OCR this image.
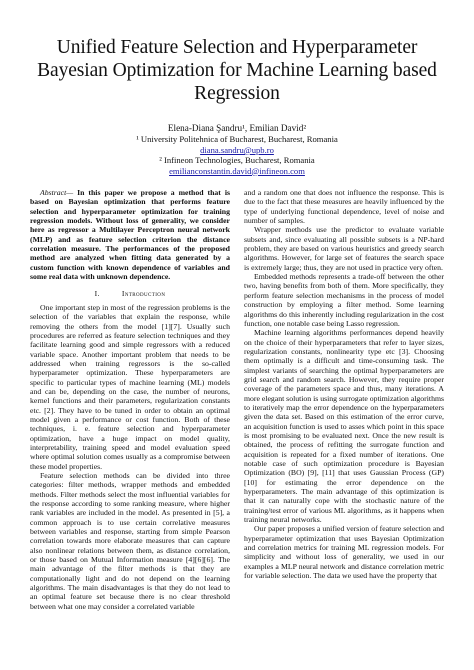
Unified Feature Selection and Hyperparameter
Bayesian Optimization for Machine Learning based
Regression
Elena-Diana Şandru¹, Emilian David²
¹ University Politehnica of Bucharest, Bucharest, Romania
diana.sandru@upb.ro
² Infineon Technologies, Bucharest, Romania
emilianconstantin.david@infineon.com

Abstract— In this paper we propose a method that is based on Bayesian optimization that performs feature selection and hyperparameter optimization for training regression models. Without loss of generality, we consider here as regressor a Multilayer Perceptron neural network (MLP) and as feature selection criterion the distance correlation measure. The performances of the proposed method are analyzed when fitting data generated by a custom function with known dependence of variables and some real data with unknown dependence.

I.	Introduction

One important step in most of the regression problems is the selection of the variables that explain the response, while removing the others from the model [1][7]. Usually such procedures are referred as feature selection techniques and they facilitate learning good and simple regressors with a reduced variable space. Another important problem that needs to be addressed when training regressors is the so-called hyperparameter optimization. These hyperparameters are specific to particular types of machine learning (ML) models and can be, depending on the case, the number of neurons, kernel functions and their parameters, regularization constants etc. [2]. They have to be tuned in order to obtain an optimal model given a performance or cost function. Both of these techniques, i. e. feature selection and hyperparameter optimization, have a huge impact on model quality, interpretability, training speed and model evaluation speed where optimal solution comes usually as a compromise between these model properties.

Feature selection methods can be divided into three categories: filter methods, wrapper methods and embedded methods. Filter methods select the most influential variables for the response according to some ranking measure, where higher rank variables are included in the model. As presented in [5], a common approach is to use certain correlative measures between variables and response, starting from simple Pearson correlation towards more elaborate measures that can capture also nonlinear relations between them, as distance correlation, or those based on Mutual Information measure [4][6][6]. The main advantage of the filter methods is that they are computationally light and do not depend on the learning algorithms. The main disadvantages is that they do not lead to an optimal feature set because there is no clear threshold between what one may consider a correlated variable

and a random one that does not influence the response. This is due to the fact that these measures are heavily influenced by the type of underlying functional dependence, level of noise and number of samples.

Wrapper methods use the predictor to evaluate variable subsets and, since evaluating all possible subsets is a NP-hard problem, they are based on various heuristics and greedy search algorithms. However, for large set of features the search space is extremely large; thus, they are not used in practice very often.

Embedded methods represents a trade-off between the other two, having benefits from both of them. More specifically, they perform feature selection mechanisms in the process of model construction by employing a filter method. Some learning algorithms do this inherently including regularization in the cost function, one notable case being Lasso regression.

Machine learning algorithms performances depend heavily on the choice of their hyperparameters that refer to layer sizes, regularization constants, nonlinearity type etc [3]. Choosing them optimally is a difficult and time-consuming task. The simplest variants of searching the optimal hyperparameters are grid search and random search. However, they require proper coverage of the parameters space and thus, many iterations. A more elegant solution is using surrogate optimization algorithms to iteratively map the error dependence on the hyperparameters given the data set. Based on this estimation of the error curve, an acquisition function is used to asses which point in this space is most promising to be evaluated next. Once the new result is obtained, the process of refitting the surrogate function and acquisition is repeated for a fixed number of iterations. One notable case of such optimization procedure is Bayesian Optimization (BO) [9], [11] that uses Gaussian Process (GP) [10] for estimating the error dependence on the hyperparameters. The main advantage of this optimization is that it can naturally cope with the stochastic nature of the training/test error of various ML algorithms, as it happens when training neural networks.

Our paper proposes a unified version of feature selection and hyperparameter optimization that uses Bayesian Optimization and correlation metrics for training ML regression models. For simplicity and without loss of generality, we used in our examples a MLP neural network and distance correlation metric for variable selection. The data we used have the property that
